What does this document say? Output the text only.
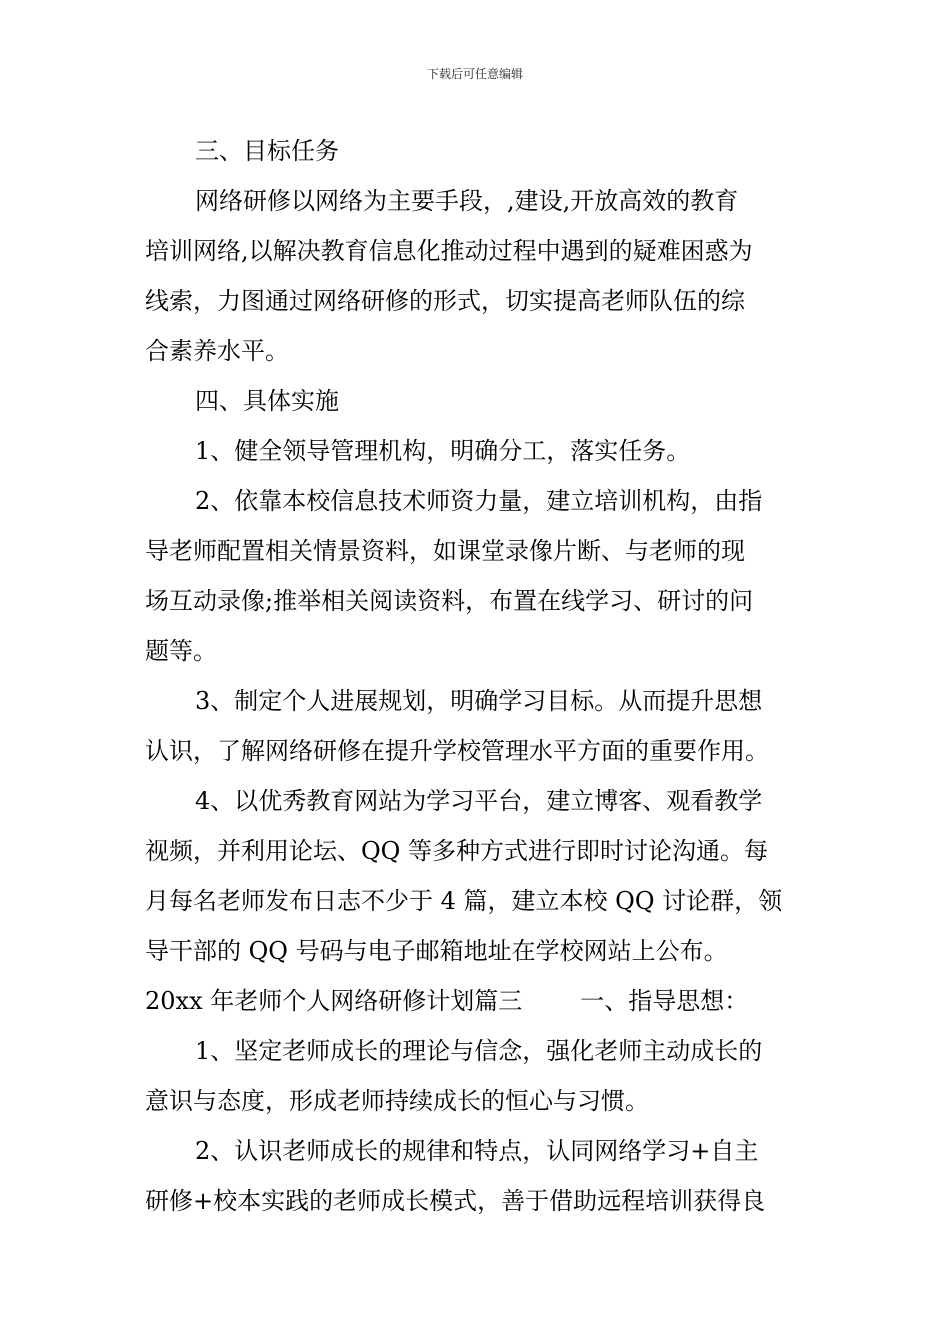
下载后可任意编辑
三、目标任务
网络研修以网络为主要手段，,建设,开放高效的教育
培训网络,以解决教育信息化推动过程中遇到的疑难困惑为
线索，力图通过网络研修的形式，切实提高老师队伍的综
合素养水平。
四、具体实施
1、健全领导管理机构，明确分工，落实任务。
2、依靠本校信息技术师资力量，建立培训机构，由指
导老师配置相关情景资料，如课堂录像片断、与老师的现
场互动录像;推举相关阅读资料，布置在线学习、研讨的问
题等。
3、制定个人进展规划，明确学习目标。从而提升思想
认识，了解网络研修在提升学校管理水平方面的重要作用。
4、以优秀教育网站为学习平台，建立博客、观看教学
视频，并利用论坛、QQ 等多种方式进行即时讨论沟通。每
月每名老师发布日志不少于 4 篇，建立本校 QQ 讨论群，领
导干部的 QQ 号码与电子邮箱地址在学校网站上公布。
20xx 年老师个人网络研修计划篇三 一、指导思想：
1、坚定老师成长的理论与信念，强化老师主动成长的
意识与态度，形成老师持续成长的恒心与习惯。
2、认识老师成长的规律和特点，认同网络学习+自主
研修+校本实践的老师成长模式，善于借助远程培训获得良
